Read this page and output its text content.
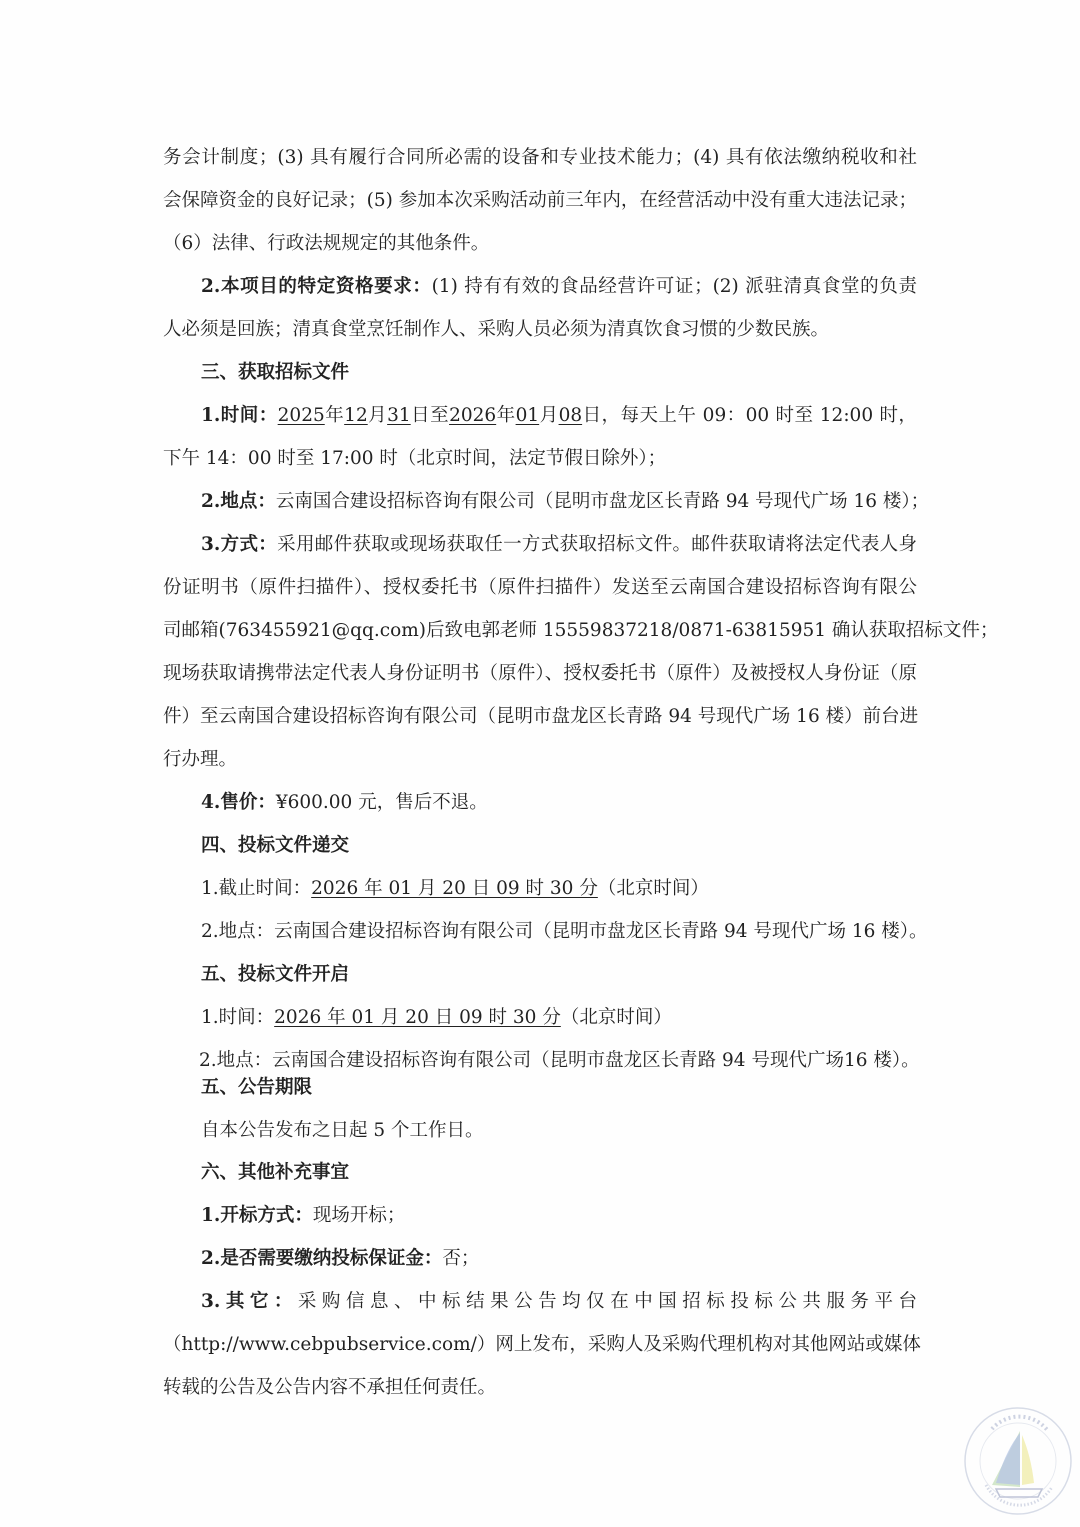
务会计制度；(3) 具有履行合同所必需的设备和专业技术能力；(4) 具有依法缴纳税收和社
会保障资金的良好记录；(5) 参加本次采购活动前三年内，在经营活动中没有重大违法记录；
（6）法律、行政法规规定的其他条件。
2.本项目的特定资格要求：(1) 持有有效的食品经营许可证；(2) 派驻清真食堂的负责
人必须是回族；清真食堂烹饪制作人、采购人员必须为清真饮食习惯的少数民族。
三、获取招标文件
1.时间：2025年12月31日至2026年01月08日，每天上午 09：00 时至 12:00 时，
下午 14：00 时至 17:00 时（北京时间，法定节假日除外）；
2.地点：云南国合建设招标咨询有限公司（昆明市盘龙区长青路 94 号现代广场 16 楼）；
3.方式：采用邮件获取或现场获取任一方式获取招标文件。邮件获取请将法定代表人身
份证明书（原件扫描件）、授权委托书（原件扫描件）发送至云南国合建设招标咨询有限公
司邮箱(763455921@qq.com)后致电郭老师 15559837218/0871-63815951 确认获取招标文件；
现场获取请携带法定代表人身份证明书（原件）、授权委托书（原件）及被授权人身份证（原
件）至云南国合建设招标咨询有限公司（昆明市盘龙区长青路 94 号现代广场 16 楼）前台进
行办理。
4.售价：¥600.00 元，售后不退。
四、投标文件递交
1.截止时间：2026 年 01 月 20 日 09 时 30 分（北京时间）
2.地点：云南国合建设招标咨询有限公司（昆明市盘龙区长青路 94 号现代广场 16 楼）。
五、投标文件开启
1.时间：2026 年 01 月 20 日 09 时 30 分（北京时间）
2.地点：云南国合建设招标咨询有限公司（昆明市盘龙区长青路 94 号现代广场16 楼）。
五、公告期限
自本公告发布之日起 5 个工作日。
六、其他补充事宜
1.开标方式：现场开标；
2.是否需要缴纳投标保证金：否；
3.其它：采购信息、中标结果公告均仅在中国招标投标公共服务平台
（http://www.cebpubservice.com/）网上发布，采购人及采购代理机构对其他网站或媒体
转载的公告及公告内容不承担任何责任。
